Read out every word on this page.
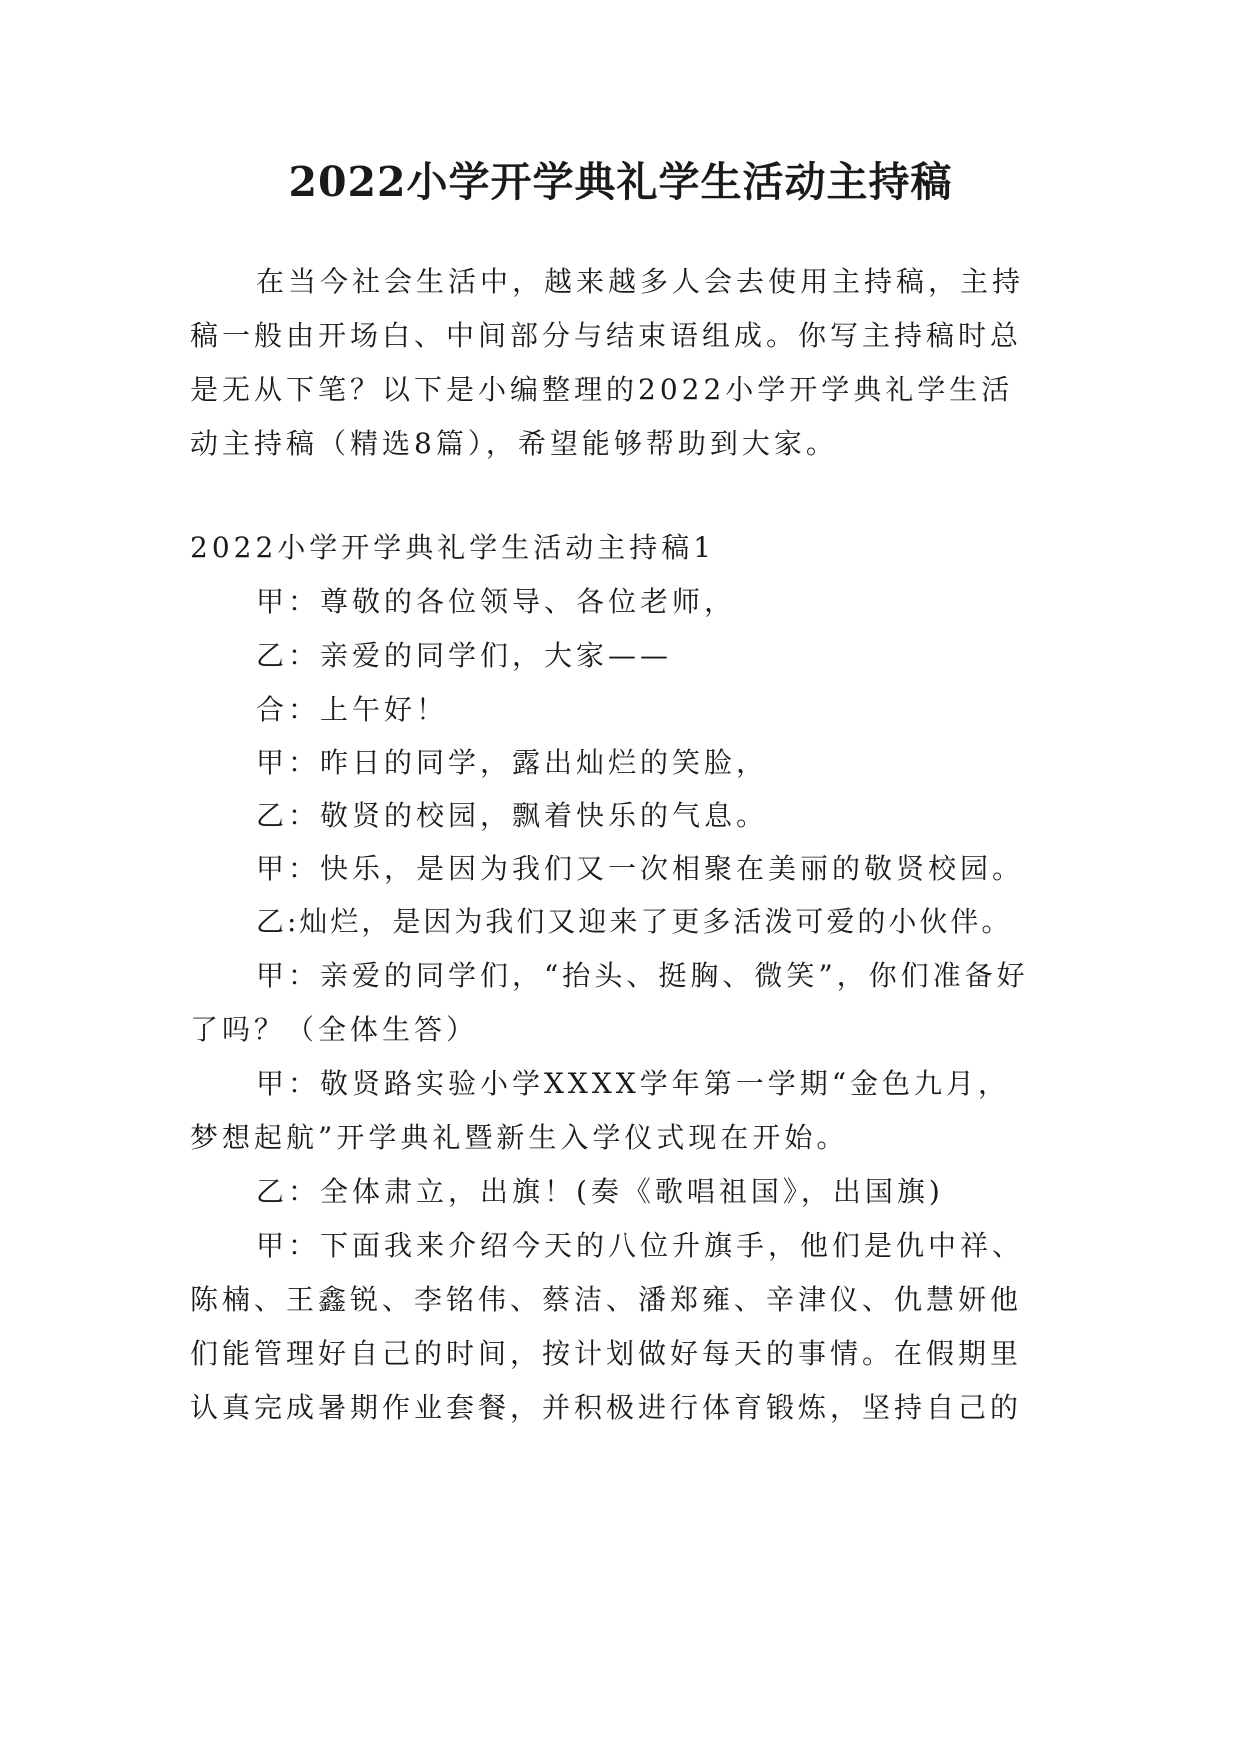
2022小学开学典礼学生活动主持稿
在当今社会生活中，越来越多人会去使用主持稿，主持
稿一般由开场白、中间部分与结束语组成。你写主持稿时总
是无从下笔？以下是小编整理的2022小学开学典礼学生活
动主持稿（精选8篇），希望能够帮助到大家。
2022小学开学典礼学生活动主持稿1
甲：尊敬的各位领导、各位老师，
乙：亲爱的同学们，大家——
合：上午好！
甲：昨日的同学，露出灿烂的笑脸，
乙：敬贤的校园，飘着快乐的气息。
甲：快乐，是因为我们又一次相聚在美丽的敬贤校园。
乙:灿烂，是因为我们又迎来了更多活泼可爱的小伙伴。
甲：亲爱的同学们，“抬头、挺胸、微笑”，你们准备好
了吗？（全体生答）
甲：敬贤路实验小学XXXX学年第一学期“金色九月，
梦想起航”开学典礼暨新生入学仪式现在开始。
乙：全体肃立，出旗！(奏《歌唱祖国》，出国旗)
甲：下面我来介绍今天的八位升旗手，他们是仇中祥、
陈楠、王鑫锐、李铭伟、蔡洁、潘郑雍、辛津仪、仇慧妍他
们能管理好自己的时间，按计划做好每天的事情。在假期里
认真完成暑期作业套餐，并积极进行体育锻炼，坚持自己的
